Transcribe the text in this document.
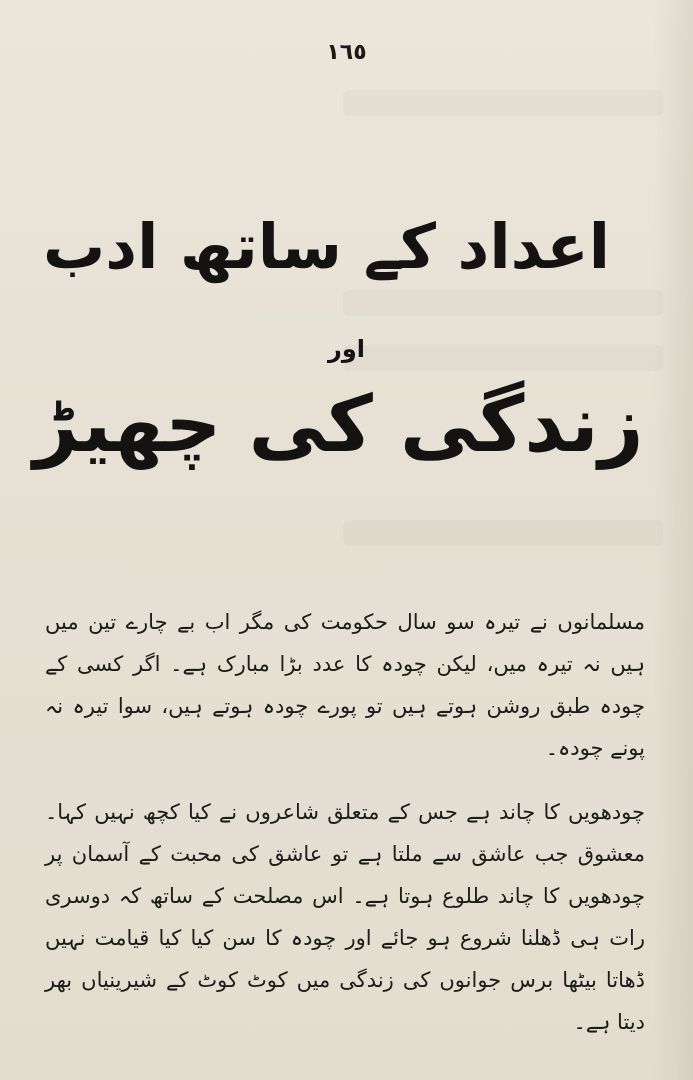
١٦٥
اعداد کے ساتھ ادب
اور
زندگی کی چھیڑ

مسلمانوں نے تیرہ سو سال حکومت کی مگر اب بے چارے تین میں ہیں نہ تیرہ میں، لیکن چودہ کا عدد بڑا مبارک ہے۔ اگر کسی کے چودہ طبق روشن ہوتے ہیں تو پورے چودہ ہوتے ہیں، سوا تیرہ نہ پونے چودہ۔

چودھویں کا چاند ہے جس کے متعلق شاعروں نے کیا کچھ نہیں کہا۔ معشوق جب عاشق سے ملتا ہے تو عاشق کی محبت کے آسمان پر چودھویں کا چاند طلوع ہوتا ہے۔ اس مصلحت کے ساتھ کہ دوسری رات ہی ڈھلنا شروع ہو جائے اور چودہ کا سن کیا کیا قیامت نہیں ڈھاتا بیٹھا برس جوانوں کی زندگی میں کوٹ کوٹ کے شیرینیاں بھر دیتا ہے۔
